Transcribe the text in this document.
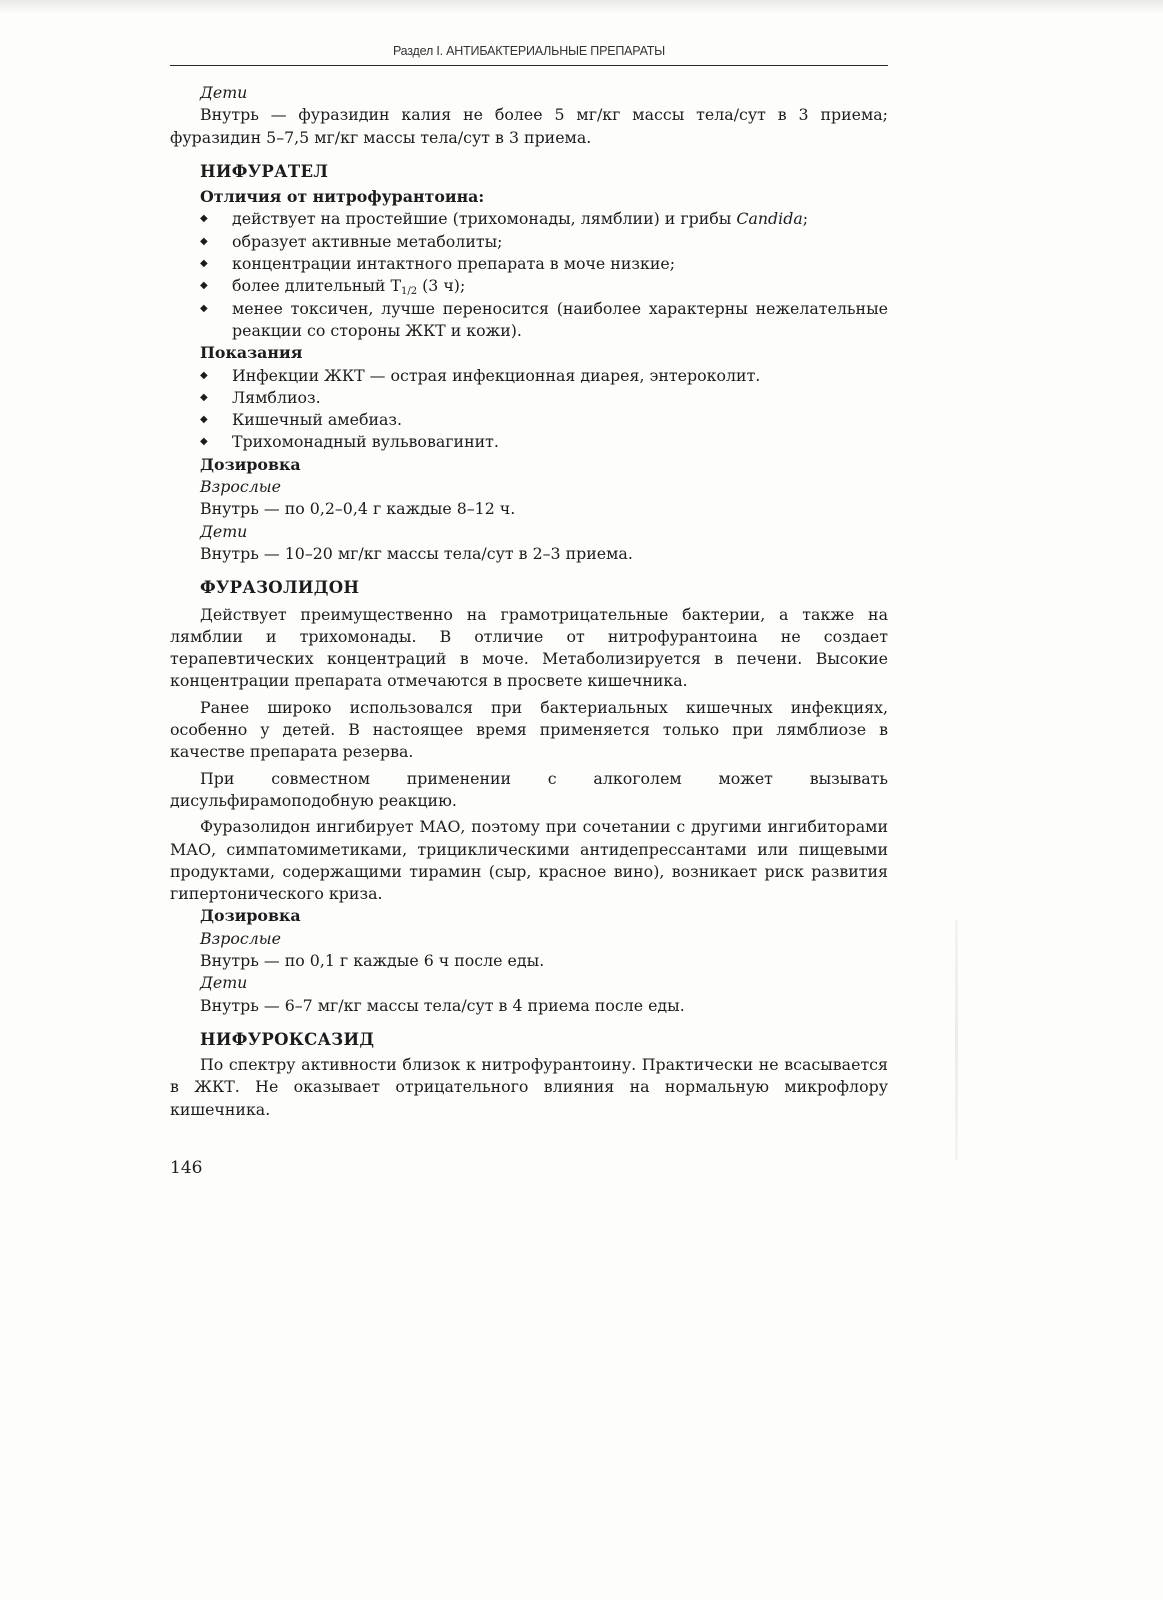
Раздел I. АНТИБАКТЕРИАЛЬНЫЕ ПРЕПАРАТЫ

Дети

Внутрь — фуразидин калия не более 5 мг/кг массы тела/сут в 3 приема; фуразидин 5–7,5 мг/кг массы тела/сут в 3 приема.

НИФУРАТЕЛ

Отличия от нитрофурантоина:

◆ действует на простейшие (трихомонады, лямблии) и грибы Candida;
◆ образует активные метаболиты;
◆ концентрации интактного препарата в моче низкие;
◆ более длительный $T_{1/2}$ (3 ч);
◆ менее токсичен, лучше переносится (наиболее характерны нежелательные реакции со стороны ЖКТ и кожи).

Показания

◆ Инфекции ЖКТ — острая инфекционная диарея, энтероколит.
◆ Лямблиоз.
◆ Кишечный амебиаз.
◆ Трихомонадный вульвовагинит.

Дозировка

Взрослые

Внутрь — по 0,2–0,4 г каждые 8–12 ч.

Дети

Внутрь — 10–20 мг/кг массы тела/сут в 2–3 приема.

ФУРАЗОЛИДОН

Действует преимущественно на грамотрицательные бактерии, а также на лямблии и трихомонады. В отличие от нитрофурантоина не создает терапевтических концентраций в моче. Метаболизируется в печени. Высокие концентрации препарата отмечаются в просвете кишечника.

Ранее широко использовался при бактериальных кишечных инфекциях, особенно у детей. В настоящее время применяется только при лямблиозе в качестве препарата резерва.

При совместном применении с алкоголем может вызывать дисульфирамоподобную реакцию.

Фуразолидон ингибирует МАО, поэтому при сочетании с другими ингибиторами МАО, симпатомиметиками, трициклическими антидепрессантами или пищевыми продуктами, содержащими тирамин (сыр, красное вино), возникает риск развития гипертонического криза.

Дозировка

Взрослые

Внутрь — по 0,1 г каждые 6 ч после еды.

Дети

Внутрь — 6–7 мг/кг массы тела/сут в 4 приема после еды.

НИФУРОКСАЗИД

По спектру активности близок к нитрофурантоину. Практически не всасывается в ЖКТ. Не оказывает отрицательного влияния на нормальную микрофлору кишечника.

146
